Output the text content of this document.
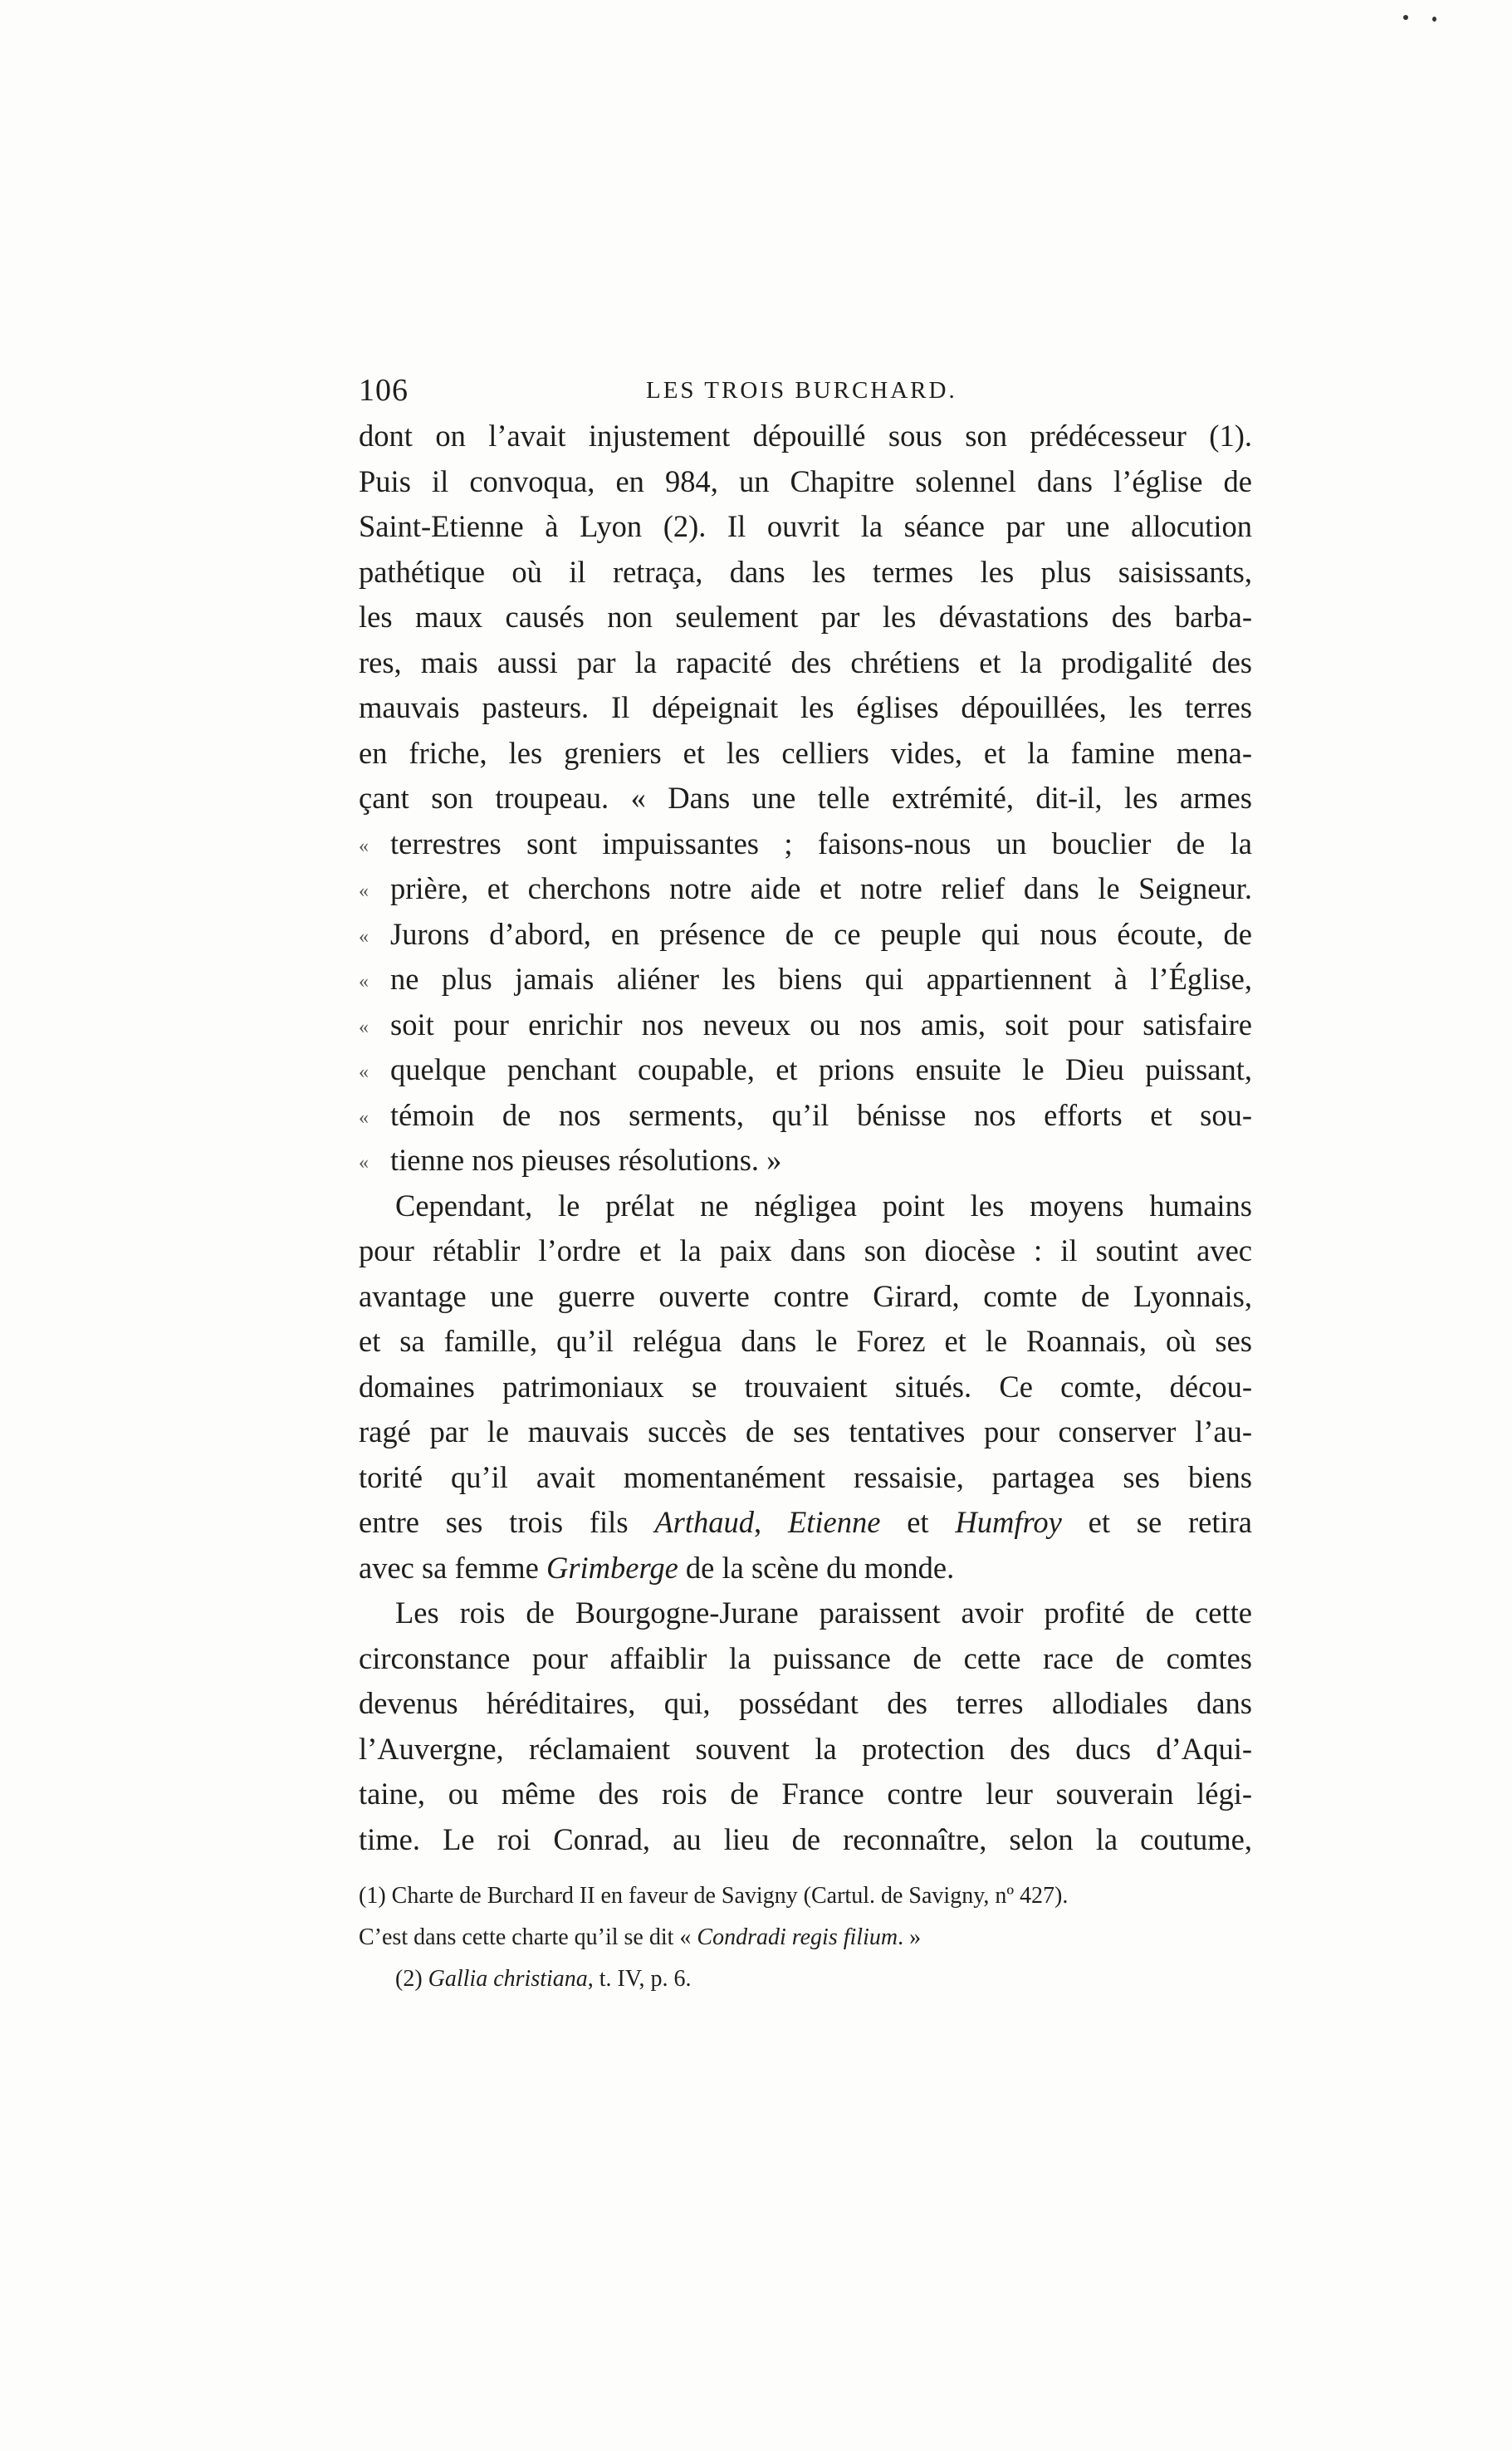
106	LES TROIS BURCHARD.
dont on l’avait injustement dépouillé sous son prédécesseur (1).
Puis il convoqua, en 984, un Chapitre solennel dans l’église de
Saint-Etienne à Lyon (2). Il ouvrit la séance par une allocution
pathétique où il retraça, dans les termes les plus saisissants,
les maux causés non seulement par les dévastations des barba-
res, mais aussi par la rapacité des chrétiens et la prodigalité des
mauvais pasteurs. Il dépeignait les églises dépouillées, les terres
en friche, les greniers et les celliers vides, et la famine mena-
çant son troupeau. « Dans une telle extrémité, dit-il, les armes
« terrestres sont impuissantes ; faisons-nous un bouclier de la
« prière, et cherchons notre aide et notre relief dans le Seigneur.
« Jurons d’abord, en présence de ce peuple qui nous écoute, de
« ne plus jamais aliéner les biens qui appartiennent à l’Église,
« soit pour enrichir nos neveux ou nos amis, soit pour satisfaire
« quelque penchant coupable, et prions ensuite le Dieu puissant,
« témoin de nos serments, qu’il bénisse nos efforts et sou-
« tienne nos pieuses résolutions. »
Cependant, le prélat ne négligea point les moyens humains
pour rétablir l’ordre et la paix dans son diocèse : il soutint avec
avantage une guerre ouverte contre Girard, comte de Lyonnais,
et sa famille, qu’il relégua dans le Forez et le Roannais, où ses
domaines patrimoniaux se trouvaient situés. Ce comte, décou-
ragé par le mauvais succès de ses tentatives pour conserver l’au-
torité qu’il avait momentanément ressaisie, partagea ses biens
entre ses trois fils Arthaud, Etienne et Humfroy et se retira
avec sa femme Grimberge de la scène du monde.
Les rois de Bourgogne-Jurane paraissent avoir profité de cette
circonstance pour affaiblir la puissance de cette race de comtes
devenus héréditaires, qui, possédant des terres allodiales dans
l’Auvergne, réclamaient souvent la protection des ducs d’Aqui-
taine, ou même des rois de France contre leur souverain légi-
time. Le roi Conrad, au lieu de reconnaître, selon la coutume,
(1) Charte de Burchard II en faveur de Savigny (Cartul. de Savigny, nº 427).
C’est dans cette charte qu’il se dit « Condradi regis filium. »
(2) Gallia christiana, t. IV, p. 6.
